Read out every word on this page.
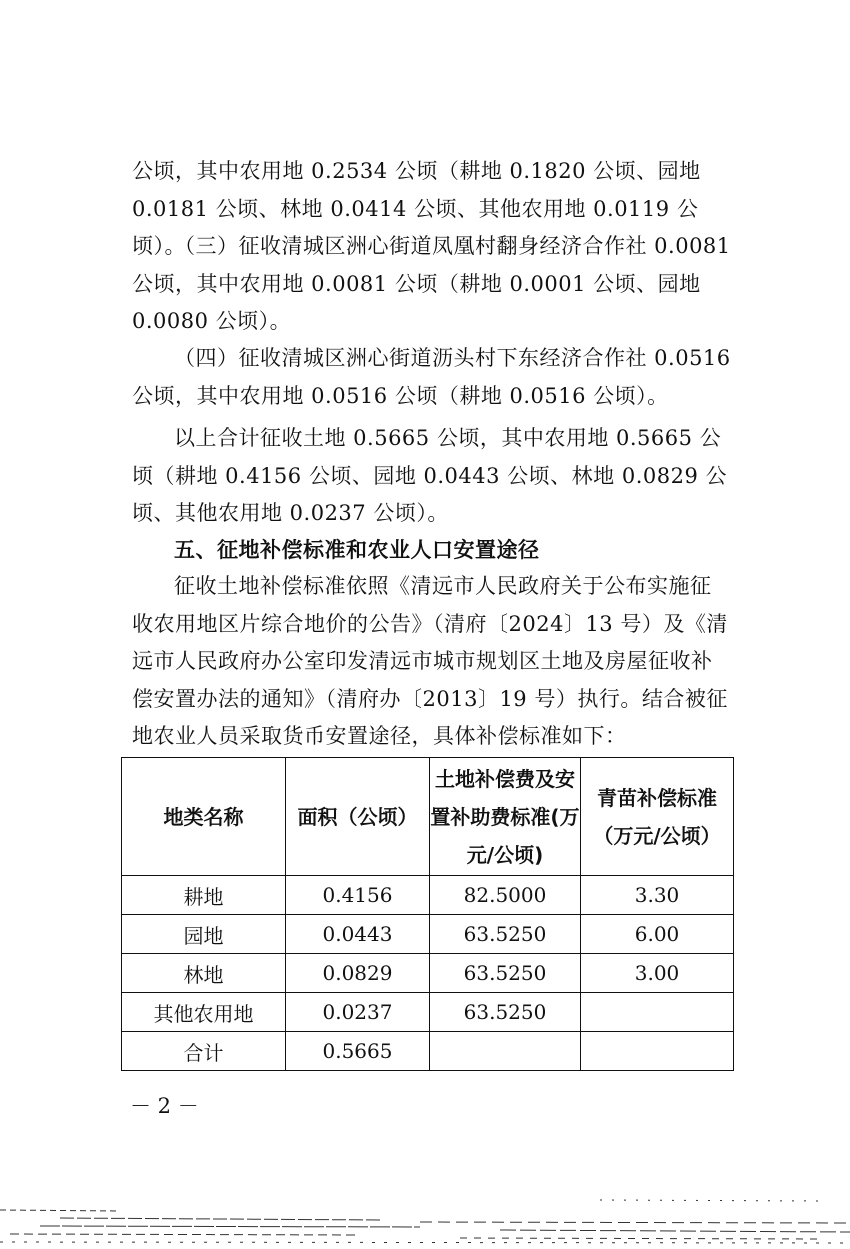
公顷，其中农用地 0.2534 公顷（耕地 0.1820 公顷、园地 0.0181 公顷、林地 0.0414 公顷、其他农用地 0.0119 公顷）。
（三）征收清城区洲心街道凤凰村翻身经济合作社 0.0081 公顷，其中农用地 0.0081 公顷（耕地 0.0001 公顷、园地 0.0080 公顷）。
（四）征收清城区洲心街道沥头村下东经济合作社 0.0516 公顷，其中农用地 0.0516 公顷（耕地 0.0516 公顷）。
以上合计征收土地 0.5665 公顷，其中农用地 0.5665 公顷（耕地 0.4156 公顷、园地 0.0443 公顷、林地 0.0829 公顷、其他农用地 0.0237 公顷）。
五、征地补偿标准和农业人口安置途径
征收土地补偿标准依照《清远市人民政府关于公布实施征收农用地区片综合地价的公告》（清府〔2024〕13 号）及《清远市人民政府办公室印发清远市城市规划区土地及房屋征收补偿安置办法的通知》（清府办〔2013〕19 号）执行。结合被征地农业人员采取货币安置途径，具体补偿标准如下：
地类名称	面积（公顷）	土地补偿费及安置补助费标准(万元/公顷)	青苗补偿标准（万元/公顷）
耕地	0.4156	82.5000	3.30
园地	0.0443	63.5250	6.00
林地	0.0829	63.5250	3.00
其他农用地	0.0237	63.5250	
合计	0.5665		
－ 2 －
